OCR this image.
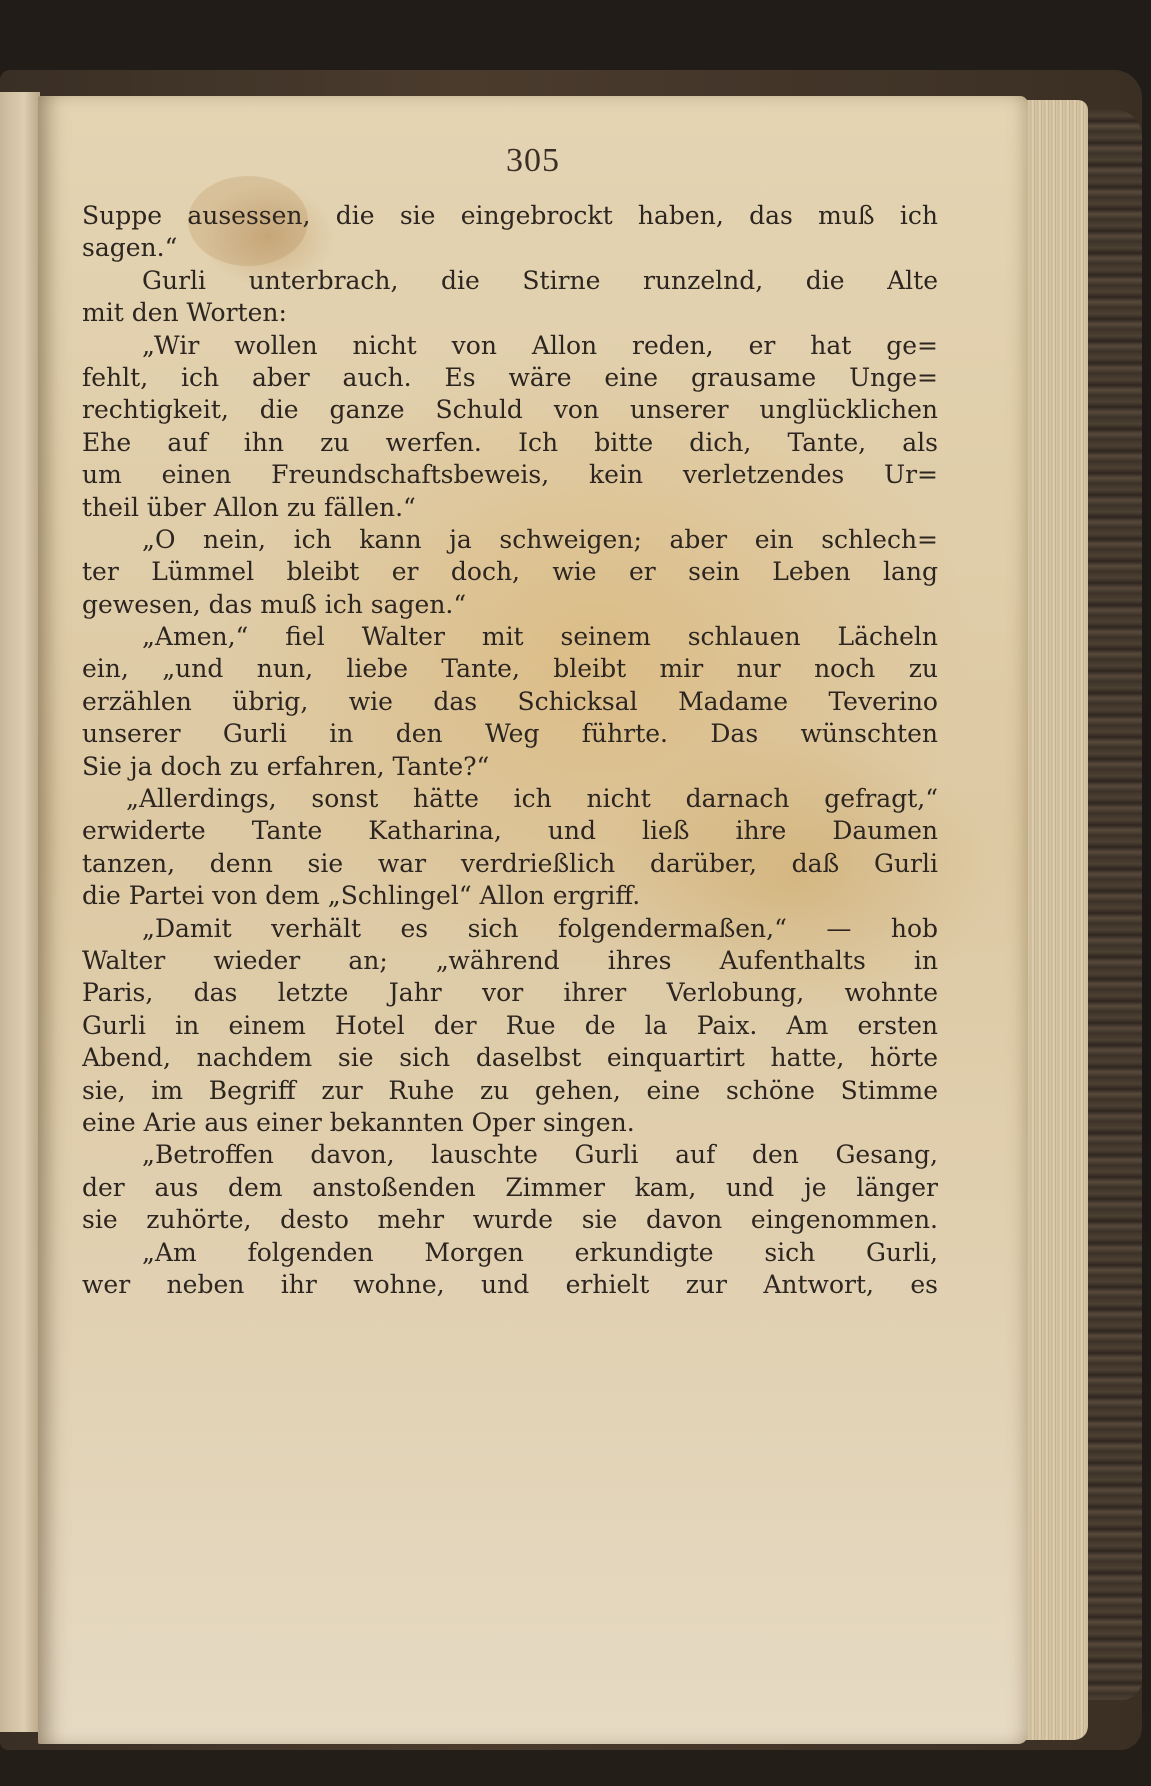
305
Suppe ausessen, die sie eingebrockt haben, das muß ich
sagen.“
Gurli unterbrach, die Stirne runzelnd, die Alte
mit den Worten:
„Wir wollen nicht von Allon reden, er hat ge=
fehlt, ich aber auch. Es wäre eine grausame Unge=
rechtigkeit, die ganze Schuld von unserer unglücklichen
Ehe auf ihn zu werfen. Ich bitte dich, Tante, als
um einen Freundschaftsbeweis, kein verletzendes Ur=
theil über Allon zu fällen.“
„O nein, ich kann ja schweigen; aber ein schlech=
ter Lümmel bleibt er doch, wie er sein Leben lang
gewesen, das muß ich sagen.“
„Amen,“ fiel Walter mit seinem schlauen Lächeln
ein, „und nun, liebe Tante, bleibt mir nur noch zu
erzählen übrig, wie das Schicksal Madame Teverino
unserer Gurli in den Weg führte. Das wünschten
Sie ja doch zu erfahren, Tante?“
„Allerdings, sonst hätte ich nicht darnach gefragt,“
erwiderte Tante Katharina, und ließ ihre Daumen
tanzen, denn sie war verdrießlich darüber, daß Gurli
die Partei von dem „Schlingel“ Allon ergriff.
„Damit verhält es sich folgendermaßen,“ — hob
Walter wieder an; „während ihres Aufenthalts in
Paris, das letzte Jahr vor ihrer Verlobung, wohnte
Gurli in einem Hotel der Rue de la Paix. Am ersten
Abend, nachdem sie sich daselbst einquartirt hatte, hörte
sie, im Begriff zur Ruhe zu gehen, eine schöne Stimme
eine Arie aus einer bekannten Oper singen.
„Betroffen davon, lauschte Gurli auf den Gesang,
der aus dem anstoßenden Zimmer kam, und je länger
sie zuhörte, desto mehr wurde sie davon eingenommen.
„Am folgenden Morgen erkundigte sich Gurli,
wer neben ihr wohne, und erhielt zur Antwort, es
